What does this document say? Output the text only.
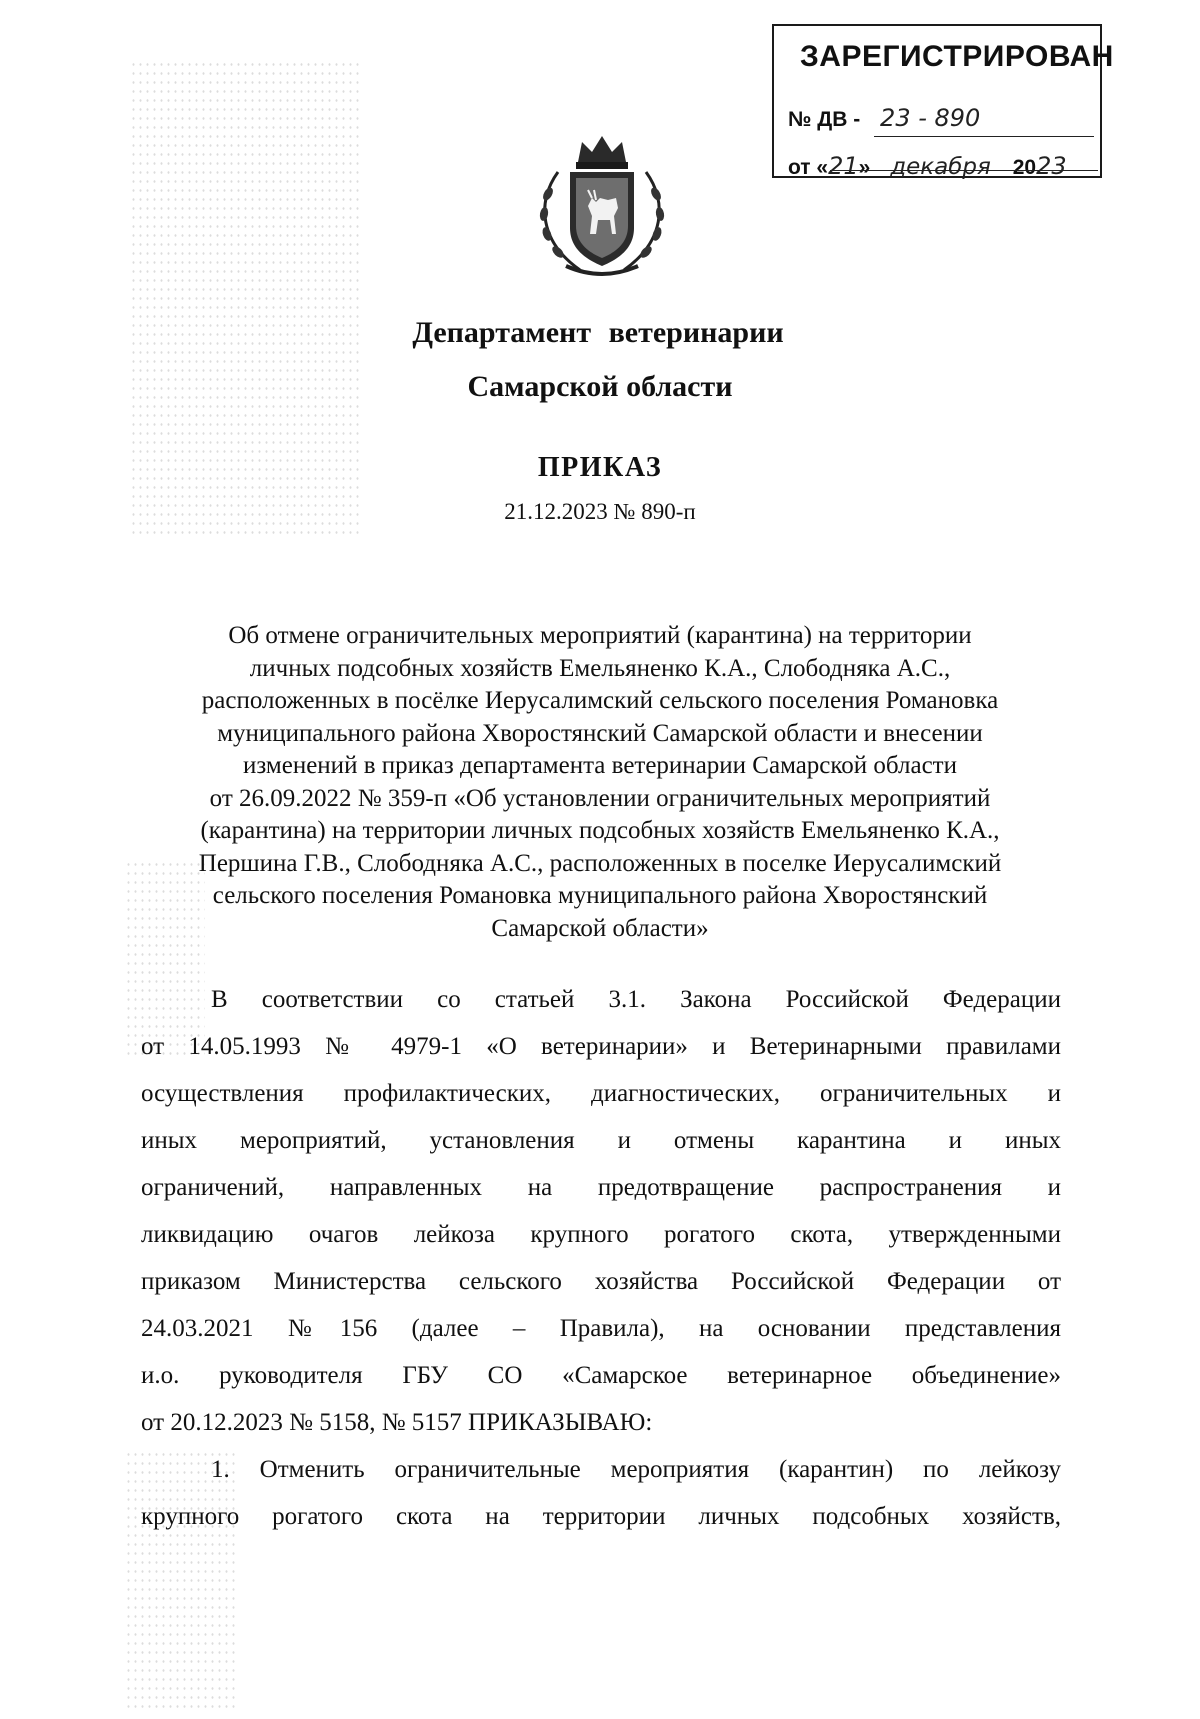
ЗАРЕГИСТРИРОВАН
№ ДВ - 23 - 890
от «21» декабря 2023
Департамент ветеринарии
Самарской области
ПРИКАЗ
21.12.2023 № 890-п
Об отмене ограничительных мероприятий (карантина) на территории
личных подсобных хозяйств Емельяненко К.А., Слободняка А.С.,
расположенных в посёлке Иерусалимский сельского поселения Романовка
муниципального района Хворостянский Самарской области и внесении
изменений в приказ департамента ветеринарии Самарской области
от 26.09.2022 № 359-п «Об установлении ограничительных мероприятий
(карантина) на территории личных подсобных хозяйств Емельяненко К.А.,
Першина Г.В., Слободняка А.С., расположенных в поселке Иерусалимский
сельского поселения Романовка муниципального района Хворостянский
Самарской области»
В соответствии со статьей 3.1. Закона Российской Федерации
от 14.05.1993 № 4979-1 «О ветеринарии» и Ветеринарными правилами
осуществления профилактических, диагностических, ограничительных и
иных мероприятий, установления и отмены карантина и иных
ограничений, направленных на предотвращение распространения и
ликвидацию очагов лейкоза крупного рогатого скота, утвержденными
приказом Министерства сельского хозяйства Российской Федерации от
24.03.2021 №156 (далее – Правила), на основании представления
и.о. руководителя ГБУ СО «Самарское ветеринарное объединение»
от 20.12.2023 № 5158, № 5157 ПРИКАЗЫВАЮ:
1. Отменить ограничительные мероприятия (карантин) по лейкозу
крупного рогатого скота на территории личных подсобных хозяйств,
